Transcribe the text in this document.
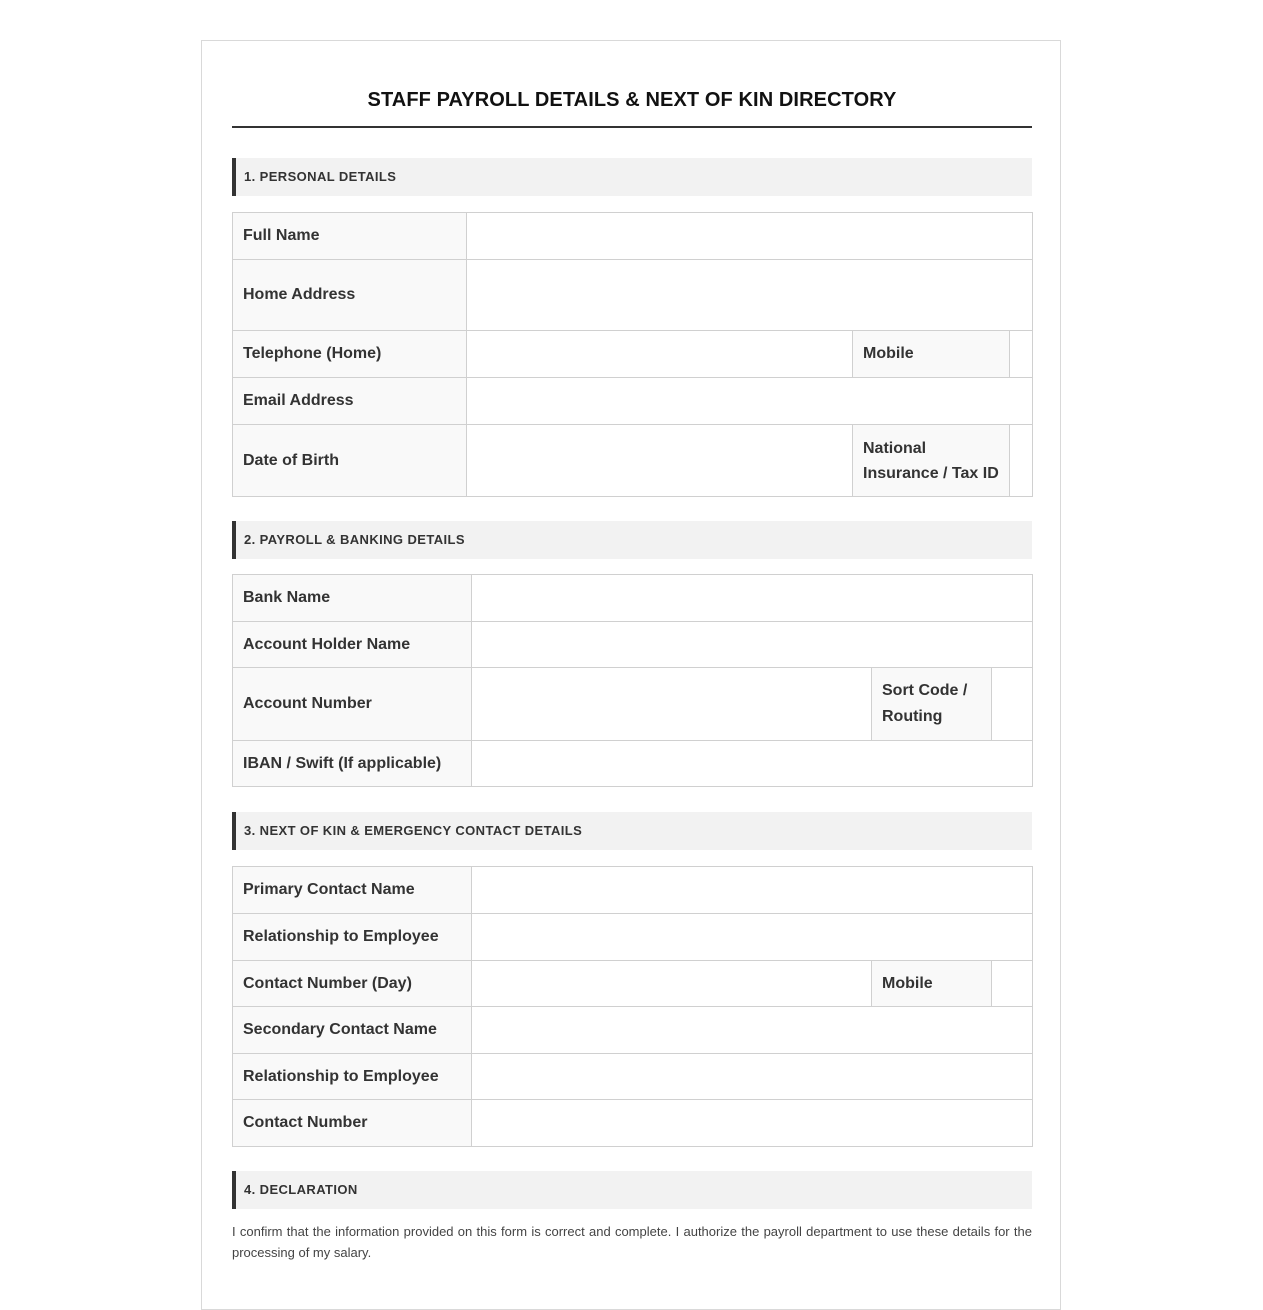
STAFF PAYROLL DETAILS & NEXT OF KIN DIRECTORY
1. PERSONAL DETAILS
Full Name			
Home Address			
Telephone (Home)		Mobile	
Email Address			
Date of Birth		National Insurance / Tax ID	
2. PAYROLL & BANKING DETAILS
Bank Name			
Account Holder Name			
Account Number		Sort Code / Routing	
IBAN / Swift (If applicable)			
3. NEXT OF KIN & EMERGENCY CONTACT DETAILS
Primary Contact Name			
Relationship to Employee			
Contact Number (Day)		Mobile	
Secondary Contact Name			
Relationship to Employee			
Contact Number			
4. DECLARATION
I confirm that the information provided on this form is correct and complete. I authorize the payroll department to use these details for the processing of my salary.
